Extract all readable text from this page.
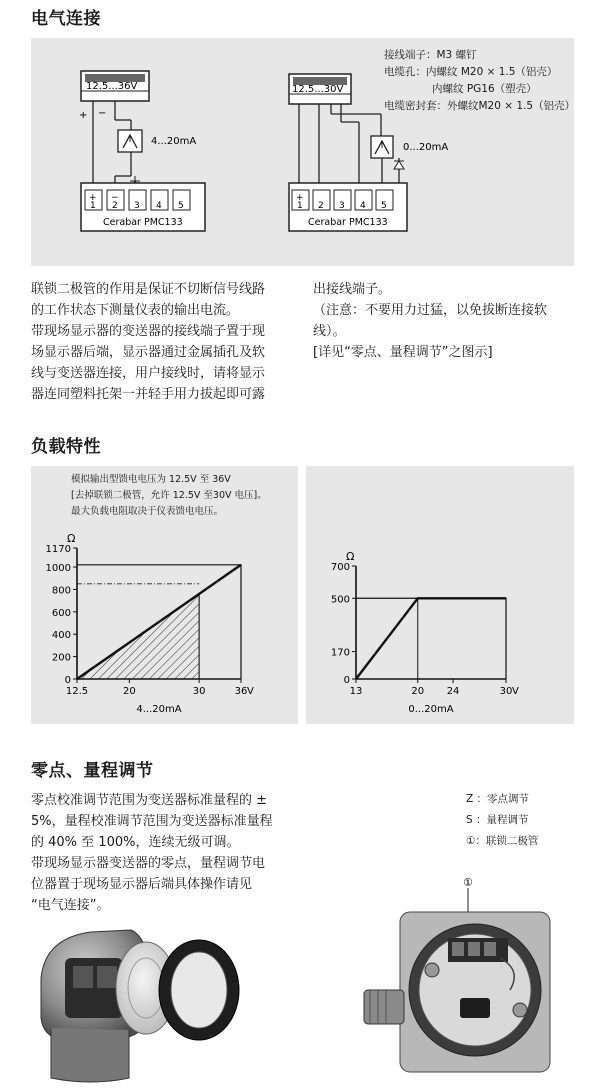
电气连接
12.5...36V
+ −
4...20mA
+ −
1 2 3 4 5
Cerabar PMC133
12.5...30V
0...20mA
+
1 2 3 4 5
Cerabar PMC133
接线端子：M3 螺钉
电缆孔：内螺纹 M20 × 1.5（铝壳）
内螺纹 PG16（塑壳）
电缆密封套：外螺纹M20 × 1.5（铝壳）

联锁二极管的作用是保证不切断信号线路

的工作状态下测量仪表的输出电流。

带现场显示器的变送器的接线端子置于现

场显示器后端，显示器通过金属插孔及软

线与变送器连接，用户接线时，请将显示

器连同塑料托架一并轻手用力拔起即可露

出接线端子。

（注意：不要用力过猛，以免拔断连接软

线）。

[详见“零点、量程调节”之图示]

负载特性
模拟输出型馈电电压为 12.5V 至 36V
[去掉联锁二极管，允许 12.5V 至30V 电压]。
最大负载电阻取决于仪表馈电电压。
0
200
400
600
800
1000
1170
12.5	20	30	36
Ω
V
4...20mA
0
170
500
700
13	20 24	30
Ω
V
0...20mA
零点、量程调节

零点校准调节范围为变送器标准量程的 ±

5%，量程校准调节范围为变送器标准量程

的 40% 至 100%，连续无级可调。

带现场显示器变送器的零点，量程调节电

位器置于现场显示器后端具体操作请见

“电气连接”。

Z ：零点调节
S ：量程调节
①：联锁二极管
①
